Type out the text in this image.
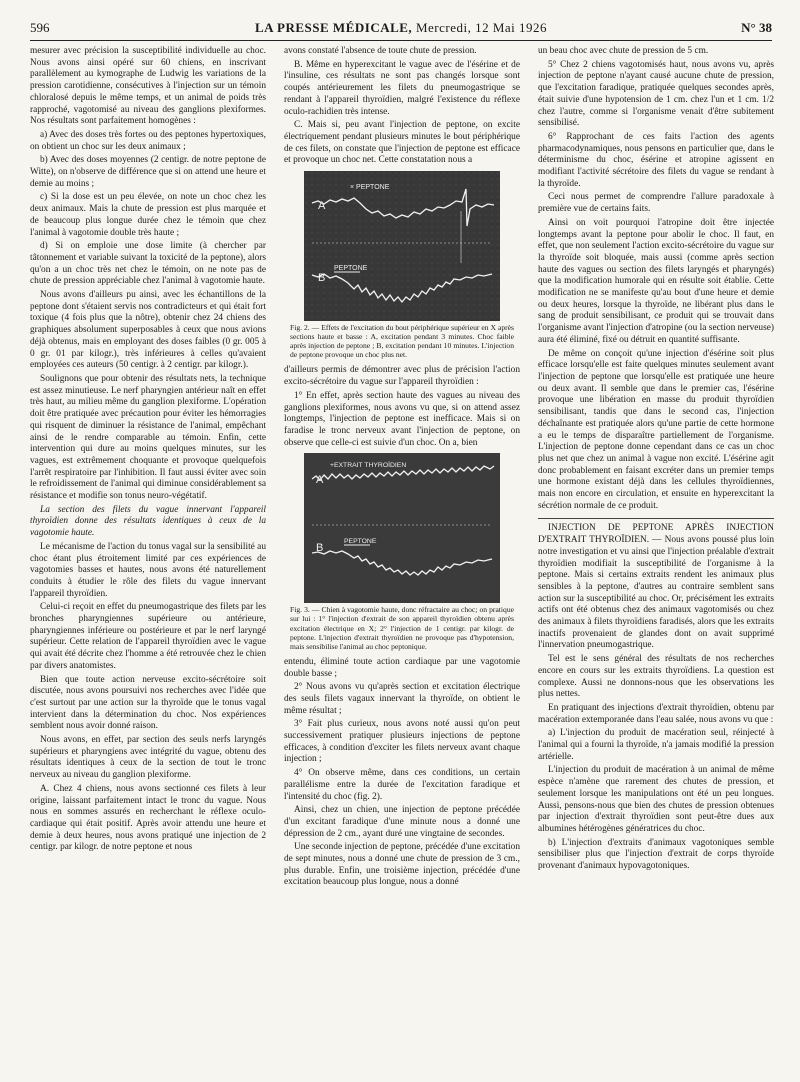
596	LA PRESSE MÉDICALE, Mercredi, 12 Mai 1926	N° 38

mesurer avec précision la susceptibilité individuelle au choc. Nous avons ainsi opéré sur 60 chiens, en inscrivant parallèlement au kymographe de Ludwig les variations de la pression carotidienne, consécutives à l'injection sur un témoin chloralosé depuis le même temps, et un animal de poids très rapproché, vagotomisé au niveau des ganglions plexiformes. Nos résultats sont parfaitement homogènes :

a) Avec des doses très fortes ou des peptones hypertoxiques, on obtient un choc sur les deux animaux ;

b) Avec des doses moyennes (2 centigr. de notre peptone de Witte), on n'observe de différence que si on attend une heure et demie au moins ;

c) Si la dose est un peu élevée, on note un choc chez les deux animaux. Mais la chute de pression est plus marquée et de beaucoup plus longue durée chez le témoin que chez l'animal à vagotomie double très haute ;

d) Si on emploie une dose limite (à chercher par tâtonnement et variable suivant la toxicité de la peptone), alors qu'on a un choc très net chez le témoin, on ne note pas de chute de pression appréciable chez l'animal à vagotomie haute.

Nous avons d'ailleurs pu ainsi, avec les échantillons de la peptone dont s'étaient servis nos contradicteurs et qui était fort toxique (4 fois plus que la nôtre), obtenir chez 24 chiens des graphiques absolument superposables à ceux que nous avions déjà obtenus, mais en employant des doses faibles (0 gr. 005 à 0 gr. 01 par kilogr.), très inférieures à celles qu'avaient employées ces auteurs (50 centigr. à 2 centigr. par kilogr.).

Soulignons que pour obtenir des résultats nets, la technique est assez minutieuse. Le nerf pharyngien antérieur naît en effet très haut, au milieu même du ganglion plexiforme. L'opération doit être pratiquée avec précaution pour éviter les hémorragies qui risquent de diminuer la résistance de l'animal, empêchant ainsi de le rendre comparable au témoin. Enfin, cette intervention qui dure au moins quelques minutes, sur les vagues, est extrêmement choquante et provoque quelquefois l'arrêt respiratoire par l'inhibition. Il faut aussi éviter avec soin le refroidissement de l'animal qui diminue considérablement sa résistance et modifie son tonus neuro-végétatif.

La section des filets du vague innervant l'appareil thyroïdien donne des résultats identiques à ceux de la vagotomie haute.

Le mécanisme de l'action du tonus vagal sur la sensibilité au choc étant plus étroitement limité par ces expériences de vagotomies basses et hautes, nous avons été naturellement conduits à étudier le rôle des filets du vague innervant l'appareil thyroïdien.

Celui-ci reçoit en effet du pneumogastrique des filets par les bronches pharyngiennes supérieure ou antérieure, pharyngiennes inférieure ou postérieure et par le nerf laryngé supérieur. Cette relation de l'appareil thyroïdien avec le vague qui avait été décrite chez l'homme a été retrouvée chez le chien par divers anatomistes.

Bien que toute action nerveuse excito-sécrétoire soit discutée, nous avons poursuivi nos recherches avec l'idée que c'est surtout par une action sur la thyroïde que le tonus vagal intervient dans la détermination du choc. Nos expériences semblent nous avoir donné raison.

Nous avons, en effet, par section des seuls nerfs laryngés supérieurs et pharyngiens avec intégrité du vague, obtenu des résultats identiques à ceux de la section de tout le tronc nerveux au niveau du ganglion plexiforme.

A. Chez 4 chiens, nous avons sectionné ces filets à leur origine, laissant parfaitement intact le tronc du vague. Nous nous en sommes assurés en recherchant le réflexe oculo-cardiaque qui était positif. Après avoir attendu une heure et demie à deux heures, nous avons pratiqué une injection de 2 centigr. par kilogr. de notre peptone et nous

avons constaté l'absence de toute chute de pression.

B. Même en hyperexcitant le vague avec de l'ésérine et de l'insuline, ces résultats ne sont pas changés lorsque sont coupés antérieurement les filets du pneumogastrique se rendant à l'appareil thyroïdien, malgré l'existence du réflexe oculo-rachidien très intense.

C. Mais si, peu avant l'injection de peptone, on excite électriquement pendant plusieurs minutes le bout périphérique de ces filets, on constate que l'injection de peptone est efficace et provoque un choc net. Cette constatation nous a

A
× PEPTONE
B
PEPTONE
Fig. 2. — Effets de l'excitation du bout périphérique supérieur en X après sections haute et basse : A, excitation pendant 3 minutes. Choc faible après injection de peptone ; B, excitation pendant 10 minutes. L'injection de peptone provoque un choc plus net.

d'ailleurs permis de démontrer avec plus de précision l'action excito-sécrétoire du vague sur l'appareil thyroïdien :

1° En effet, après section haute des vagues au niveau des ganglions plexiformes, nous avons vu que, si on attend assez longtemps, l'injection de peptone est inefficace. Mais si on faradise le tronc nerveux avant l'injection de peptone, on observe que celle-ci est suivie d'un choc. On a, bien

A
+EXTRAIT THYROÏDIEN
B
PEPTONE
Fig. 3. — Chien à vagotomie haute, donc réfractaire au choc; on pratique sur lui : 1° l'injection d'extrait de son appareil thyroïdien obtenu après excitation électrique en X; 2° l'injection de 1 centigr. par kilogr. de peptone. L'injection d'extrait thyroïdien ne provoque pas d'hypotension, mais sensibilise l'animal au choc peptonique.

entendu, éliminé toute action cardiaque par une vagotomie double basse ;

2° Nous avons vu qu'après section et excitation électrique des seuls filets vagaux innervant la thyroïde, on obtient le même résultat ;

3° Fait plus curieux, nous avons noté aussi qu'on peut successivement pratiquer plusieurs injections de peptone efficaces, à condition d'exciter les filets nerveux avant chaque injection ;

4° On observe même, dans ces conditions, un certain parallélisme entre la durée de l'excitation faradique et l'intensité du choc (fig. 2).

Ainsi, chez un chien, une injection de peptone précédée d'un excitant faradique d'une minute nous a donné une dépression de 2 cm., ayant duré une vingtaine de secondes.

Une seconde injection de peptone, précédée d'une excitation de sept minutes, nous a donné une chute de pression de 3 cm., plus durable. Enfin, une troisième injection, précédée d'une excitation beaucoup plus longue, nous a donné

un beau choc avec chute de pression de 5 cm.

5° Chez 2 chiens vagotomisés haut, nous avons vu, après injection de peptone n'ayant causé aucune chute de pression, que l'excitation faradique, pratiquée quelques secondes après, était suivie d'une hypotension de 1 cm. chez l'un et 1 cm. 1/2 chez l'autre, comme si l'organisme venait d'être subitement sensibilisé.

6° Rapprochant de ces faits l'action des agents pharmacodynamiques, nous pensons en particulier que, dans le déterminisme du choc, ésérine et atropine agissent en modifiant l'activité sécrétoire des filets du vague se rendant à la thyroïde.

Ceci nous permet de comprendre l'allure paradoxale à première vue de certains faits.

Ainsi on voit pourquoi l'atropine doit être injectée longtemps avant la peptone pour abolir le choc. Il faut, en effet, que non seulement l'action excito-sécrétoire du vague sur la thyroïde soit bloquée, mais aussi (comme après section haute des vagues ou section des filets laryngés et pharyngés) que la modification humorale qui en résulte soit établie. Cette modification ne se manifeste qu'au bout d'une heure et demie ou deux heures, lorsque la thyroïde, ne libérant plus dans le sang de produit sensibilisant, ce produit qui se trouvait dans l'organisme avant l'injection d'atropine (ou la section nerveuse) aura été éliminé, fixé ou détruit en quantité suffisante.

De même on conçoit qu'une injection d'ésérine soit plus efficace lorsqu'elle est faite quelques minutes seulement avant l'injection de peptone que lorsqu'elle est pratiquée une heure ou deux avant. Il semble que dans le premier cas, l'ésérine provoque une libération en masse du produit thyroïdien sensibilisant, tandis que dans le second cas, l'injection déchaînante est pratiquée alors qu'une partie de cette hormone a eu le temps de disparaître partiellement de l'organisme. L'injection de peptone donne cependant dans ce cas un choc plus net que chez un animal à vague non excité. L'ésérine agit donc probablement en faisant excréter dans un premier temps une hormone existant déjà dans les cellules thyroïdiennes, mais non encore en circulation, et ensuite en hyperexcitant la sécrétion normale de ce produit.

INJECTION DE PEPTONE APRÈS INJECTION D'EXTRAIT THYROÏDIEN. — Nous avons poussé plus loin notre investigation et vu ainsi que l'injection préalable d'extrait thyroïdien modifiait la susceptibilité de l'organisme à la peptone. Mais si certains extraits rendent les animaux plus sensibles à la peptone, d'autres au contraire semblent sans action sur la susceptibilité au choc. Or, précisément les extraits actifs ont été obtenus chez des animaux vagotomisés ou chez des animaux à filets thyroïdiens faradisés, alors que les extraits inactifs provenaient de glandes dont on avait supprimé l'innervation pneumogastrique.

Tel est le sens général des résultats de nos recherches encore en cours sur les extraits thyroïdiens. La question est complexe. Aussi ne donnons-nous que les observations les plus nettes.

En pratiquant des injections d'extrait thyroïdien, obtenu par macération extemporanée dans l'eau salée, nous avons vu que :

a) L'injection du produit de macération seul, réinjecté à l'animal qui a fourni la thyroïde, n'a jamais modifié la pression artérielle.

L'injection du produit de macération à un animal de même espèce n'amène que rarement des chutes de pression, et seulement lorsque les manipulations ont été un peu longues. Aussi, pensons-nous que bien des chutes de pression obtenues par injection d'extrait thyroïdien sont peut-être dues aux albumines hétérogènes génératrices du choc.

b) L'injection d'extraits d'animaux vagotoniques semble sensibiliser plus que l'injection d'extrait de corps thyroïde provenant d'animaux hypovagotoniques.
